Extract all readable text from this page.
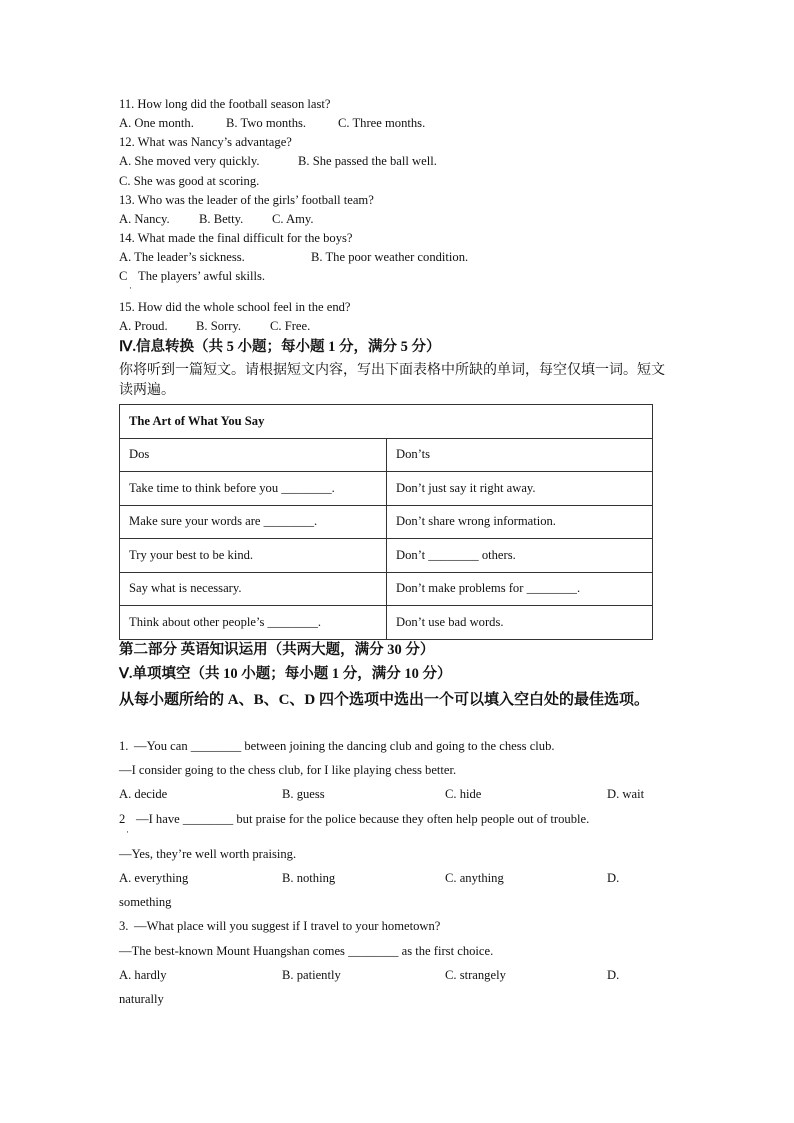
11. How long did the football season last?
A. One month.	B. Two months.	C. Three months.
12. What was Nancy’s advantage?
A. She moved very quickly.	B. She passed the ball well.
C. She was good at scoring.
13. Who was the leader of the girls’ football team?
A. Nancy. B. Betty. C. Amy.
14. What made the final difficult for the boys?
A. The leader’s sickness.	B. The poor weather condition.
C The players’ awful skills.
·
15. How did the whole school feel in the end?
A. Proud. B. Sorry. C. Free.
Ⅳ.信息转换（共 5 小题；每小题 1 分，满分 5 分）
你将听到一篇短文。请根据短文内容，写出下面表格中所缺的单词，每空仅填一词。短文读两遍。
The Art of What You Say	
Dos	Don’ts
Take time to think before you ________.	Don’t just say it right away.
Make sure your words are ________.	Don’t share wrong information.
Try your best to be kind.	Don’t ________ others.
Say what is necessary.	Don’t make problems for ________.
Think about other people’s ________.	Don’t use bad words.
第二部分 英语知识运用（共两大题，满分 30 分）
Ⅴ.单项填空（共 10 小题；每小题 1 分，满分 10 分）
从每小题所给的 A、B、C、D 四个选项中选出一个可以填入空白处的最佳选项。
1. —You can ________ between joining the dancing club and going to the chess club.
—I consider going to the chess club, for I like playing chess better.
A. decide	B. guess	C. hide	D. wait
2
·
—I have ________ but praise for the police because they often help people out of trouble.
—Yes, they’re well worth praising.
A. everything	B. nothing	C. anything	D.
something
3. —What place will you suggest if I travel to your hometown?
—The best-known Mount Huangshan comes ________ as the first choice.
A. hardly	B. patiently	C. strangely	D.
naturally
